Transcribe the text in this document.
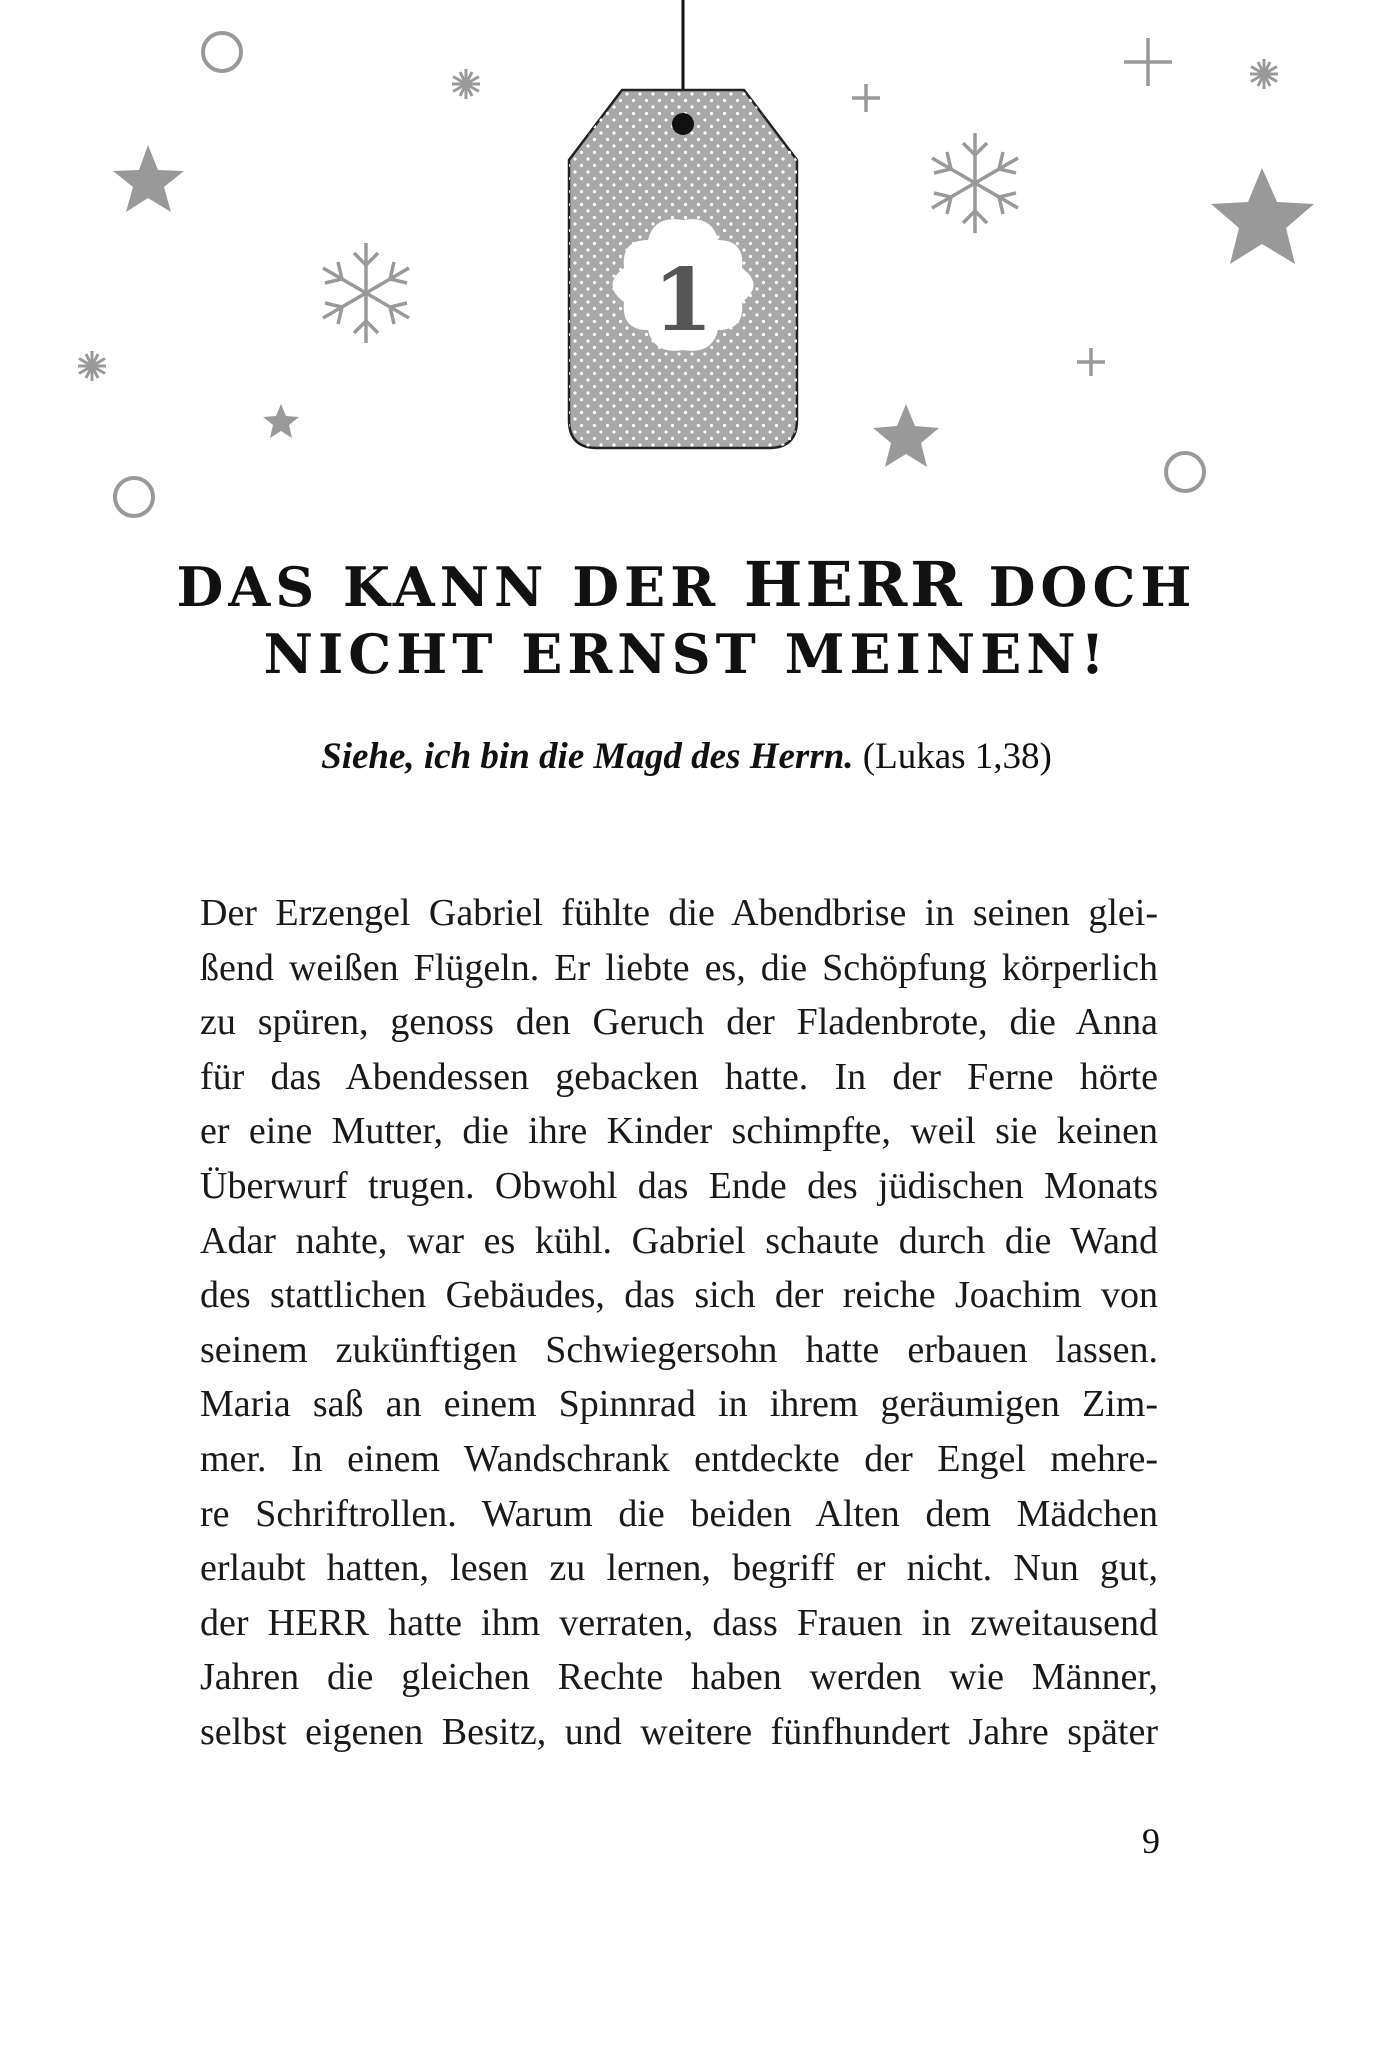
1
DAS KANN DER HERR DOCH
NICHT ERNST MEINEN!
Siehe, ich bin die Magd des Herrn. (Lukas 1,38)
Der Erzengel Gabriel fühlte die Abendbrise in seinen glei-
ßend weißen Flügeln. Er liebte es, die Schöpfung körperlich
zu spüren, genoss den Geruch der Fladenbrote, die Anna
für das Abendessen gebacken hatte. In der Ferne hörte
er eine Mutter, die ihre Kinder schimpfte, weil sie keinen
Überwurf trugen. Obwohl das Ende des jüdischen Monats
Adar nahte, war es kühl. Gabriel schaute durch die Wand
des stattlichen Gebäudes, das sich der reiche Joachim von
seinem zukünftigen Schwiegersohn hatte erbauen lassen.
Maria saß an einem Spinnrad in ihrem geräumigen Zim-
mer. In einem Wandschrank entdeckte der Engel mehre-
re Schriftrollen. Warum die beiden Alten dem Mädchen
erlaubt hatten, lesen zu lernen, begriff er nicht. Nun gut,
der HERR hatte ihm verraten, dass Frauen in zweitausend
Jahren die gleichen Rechte haben werden wie Männer,
selbst eigenen Besitz, und weitere fünfhundert Jahre später
9
